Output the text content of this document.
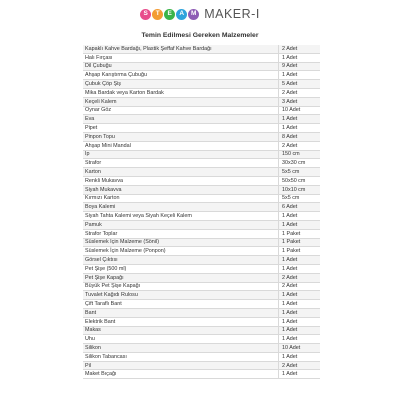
S	T	E	A	M MAKER-I
Temin Edilmesi Gereken Malzemeler
Kapaklı Kahve Bardağı, Plastik Şeffaf Kahve Bardağı	2 Adet
Halı Fırçası	1 Adet
Dil Çubuğu	9 Adet
Ahşap Karıştırma Çubuğu	1 Adet
Çubuk Çöp Şiş	5 Adet
Mika Bardak veya Karton Bardak	2 Adet
Keçeli Kalem	3 Adet
Oynar Göz	10 Adet
Eva	1 Adet
Pipet	1 Adet
Pinpon Topu	8 Adet
Ahşap Mini Mandal	2 Adet
İp	150 cm
Strafor	30x30 cm
Karton	5x5 cm
Renkli Mukavva	50x50 cm
Siyah Mukavva	10x10 cm
Kırmızı Karton	5x5 cm
Boya Kalemi	6 Adet
Siyah Tahta Kalemi veya Siyah Keçeli Kalem	1 Adet
Pamuk	1 Adet
Strafor Toplar	1 Paket
Süslemek İçin Malzeme (Sönil)	1 Paket
Süslemek İçin Malzeme (Ponpon)	1 Paket
Görsel Çıktısı	1 Adet
Pet Şişe (500 ml)	1 Adet
Pet Şişe Kapağı	2 Adet
Büyük Pet Şişe Kapağı	2 Adet
Tuvalet Kağıdı Rulosu	1 Adet
Çift Taraflı Bant	1 Adet
Bant	1 Adet
Elektrik Bant	1 Adet
Makas	1 Adet
Uhu	1 Adet
Silikon	10 Adet
Silikon Tabancası	1 Adet
Pil	2 Adet
Maket Bıçağı	1 Adet
